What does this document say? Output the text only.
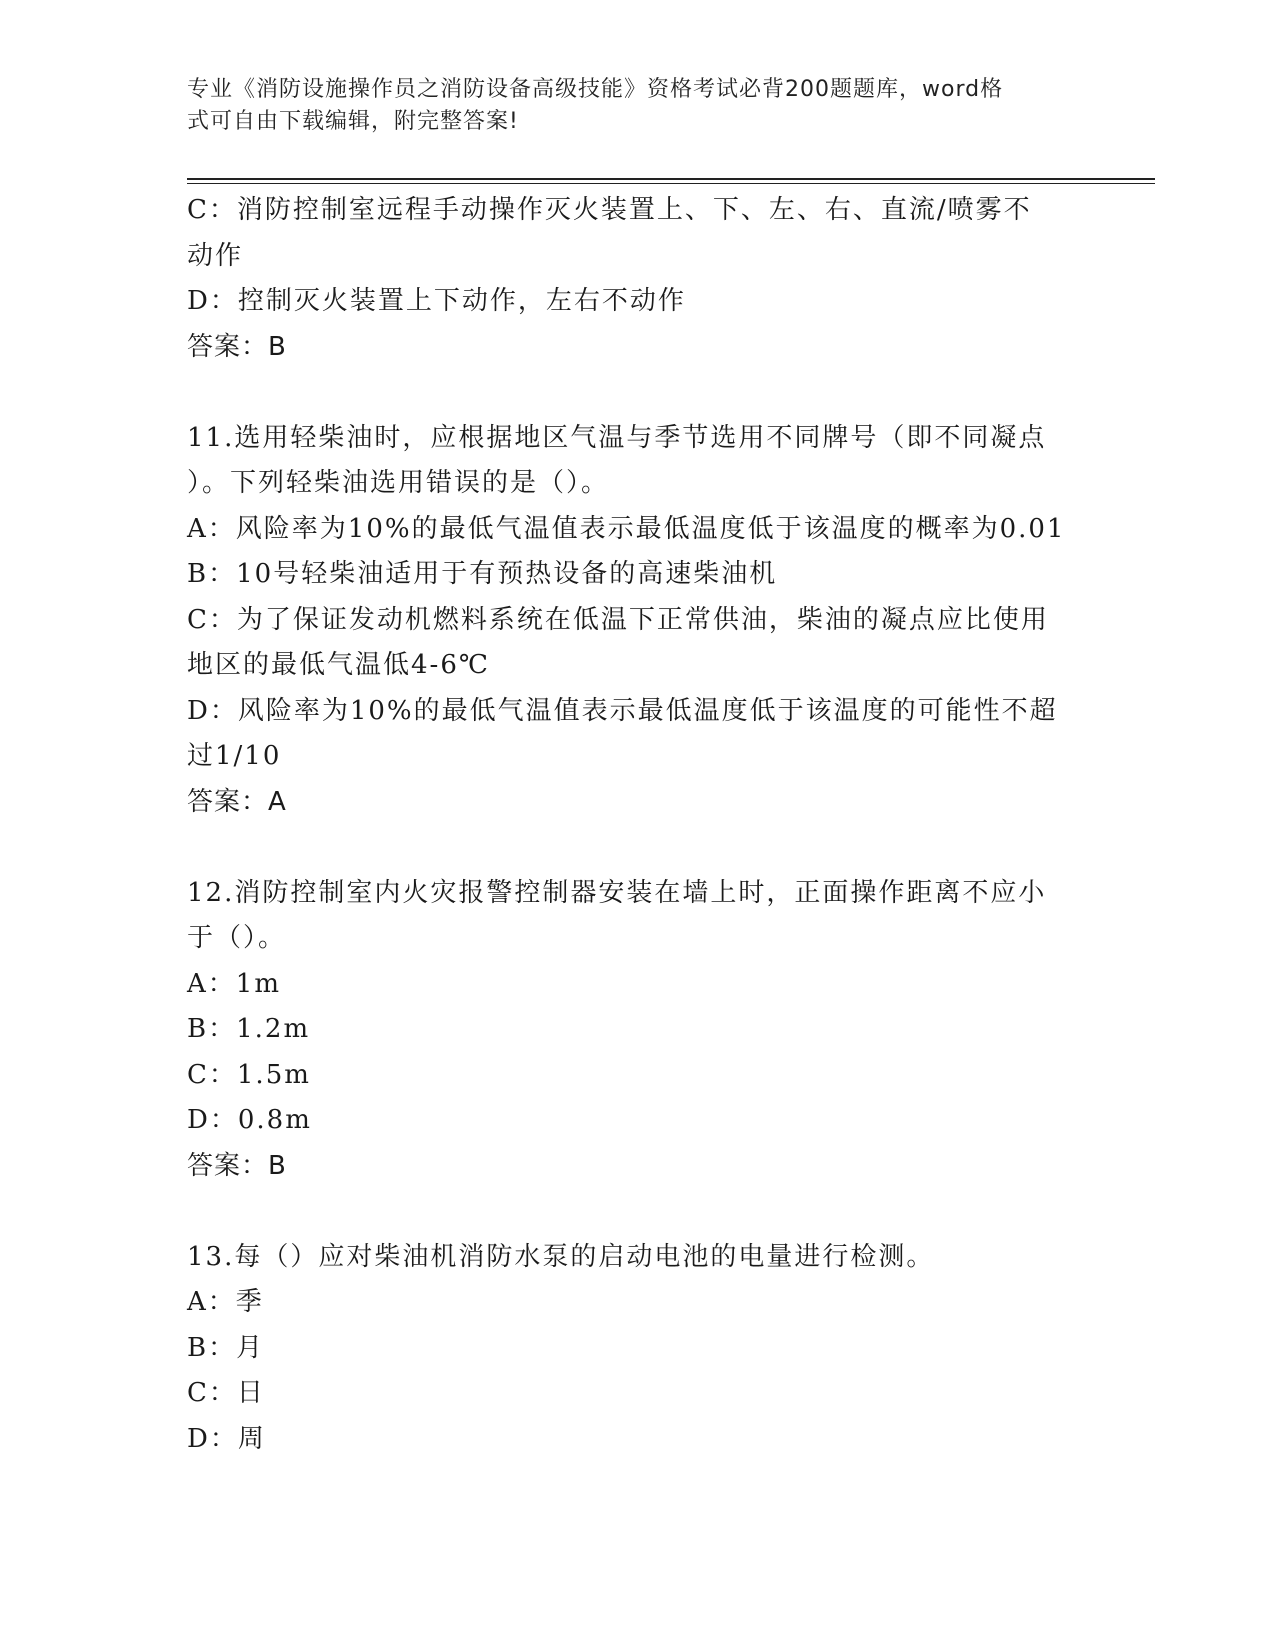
专业《消防设施操作员之消防设备高级技能》资格考试必背200题题库，word格
式可自由下载编辑，附完整答案!
C：消防控制室远程手动操作灭火装置上、下、左、右、直流/喷雾不
动作
D：控制灭火装置上下动作，左右不动作
答案：B
11.选用轻柴油时，应根据地区气温与季节选用不同牌号（即不同凝点
）。下列轻柴油选用错误的是（）。
A：风险率为10%的最低气温值表示最低温度低于该温度的概率为0.01
B：10号轻柴油适用于有预热设备的高速柴油机
C：为了保证发动机燃料系统在低温下正常供油，柴油的凝点应比使用
地区的最低气温低4-6℃
D：风险率为10%的最低气温值表示最低温度低于该温度的可能性不超
过1/10
答案：A
12.消防控制室内火灾报警控制器安装在墙上时，正面操作距离不应小
于（）。
A：1m
B：1.2m
C：1.5m
D：0.8m
答案：B
13.每（）应对柴油机消防水泵的启动电池的电量进行检测。
A：季
B：月
C：日
D：周
